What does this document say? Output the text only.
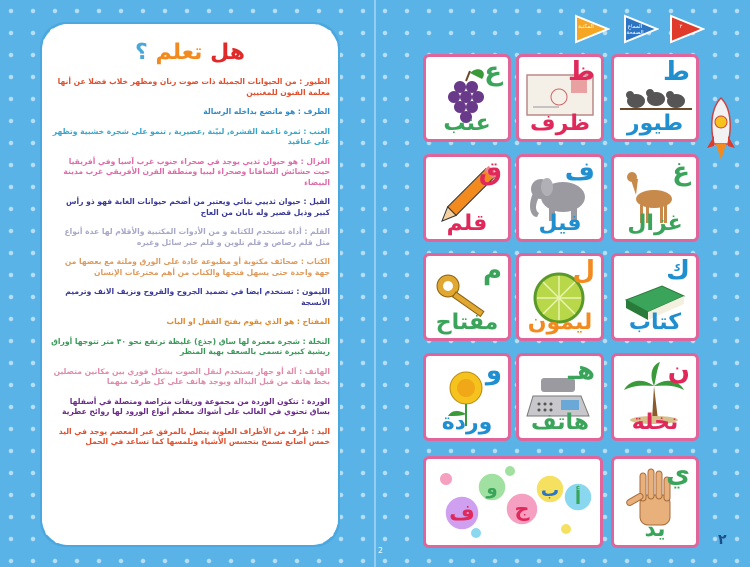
هل تعلم ؟
الطيور : من الحيوانات الجميلة ذات صوت رنان ومظهر خلاب فضلا عن أنها معلمة الفنون للمغنيين
الظرف : هو ماتضع بداخله الرسالة
العنب : ثمرة ناعمة القشرة, لبيّنة ,عصيرية , تنمو على شجرة خشبية وتظهر على عناقيد
الغزال : هو حيوان ثديي يوجد في صحراء جنوب غرب آسيا وفي أفريقيا حيث حشائش السافانا وصحراء ليبيا ومنطقة القرن الأفريقي غرب مدينة البيضاء
الفيل : حيوان ثدييي نباتي ويعتبر من أضخم حيوانات الغابة فهو ذو رأس كبير وذيل قصير وله نابان من العاج
القلم : أداة تستخدم للكتابة و من الأدوات المكتبية والأقلام لها عدة أنواع مثل قلم رصاص و قلم تلوين و قلم حبر سائل وغيره
الكتاب : صحائف مكتوبة أو مطبوعة عادة على الورق وملتة مع بعضها من جهة واحدة حتى يسهل فتحها والكتاب من أهم مخترعات الإنسان
الليمون : تستخدم ايضا في تضميد الجروح والقروح ونزيف الانف وترميم الأنسجة
المفتاح : هو الذي يقوم بفتح القفل او الباب
النخلة : شجرة معمرة لها ساق (جذع) غليظة ترتفع نحو ٣٠ متر تتوجها أوراق ريشية كبيرة تسمى بالسعف بهية المنظر
الهاتف : آلة أو جهاز يستخدم لنقل الصوت بشكل فوري بين مكانين متصلين بخط هاتف من قبل البدالة ويوجد هاتف على كل طرف منهما
الوردة : تتكون الوردة من مجموعة وريقات متراصة ومتصلة في أسفلها بساق تحتوي في الغالب على أشواك معظم أنواع الورود لها روائح عطرية
اليد : طرف من الأطراف العلوية يتصل بالمرفق عبر المعصم يوجد في اليد خمس أصابع تسمح بتحسس الأشياء وتلمسها كما تساعد في الحمل
2
المكتبة	المماع الصفحة
٢
ط
طيور
ظ
ظرف
ع
عنب
غ
غزال
ف
فيل
ق
قلم
ك
كتاب
ل
ليمون
م
مفتاح
ن
نخلة
هـ
هاتف
و
وردة
ي
يد
أ
ب
ج
و
ف
٢
